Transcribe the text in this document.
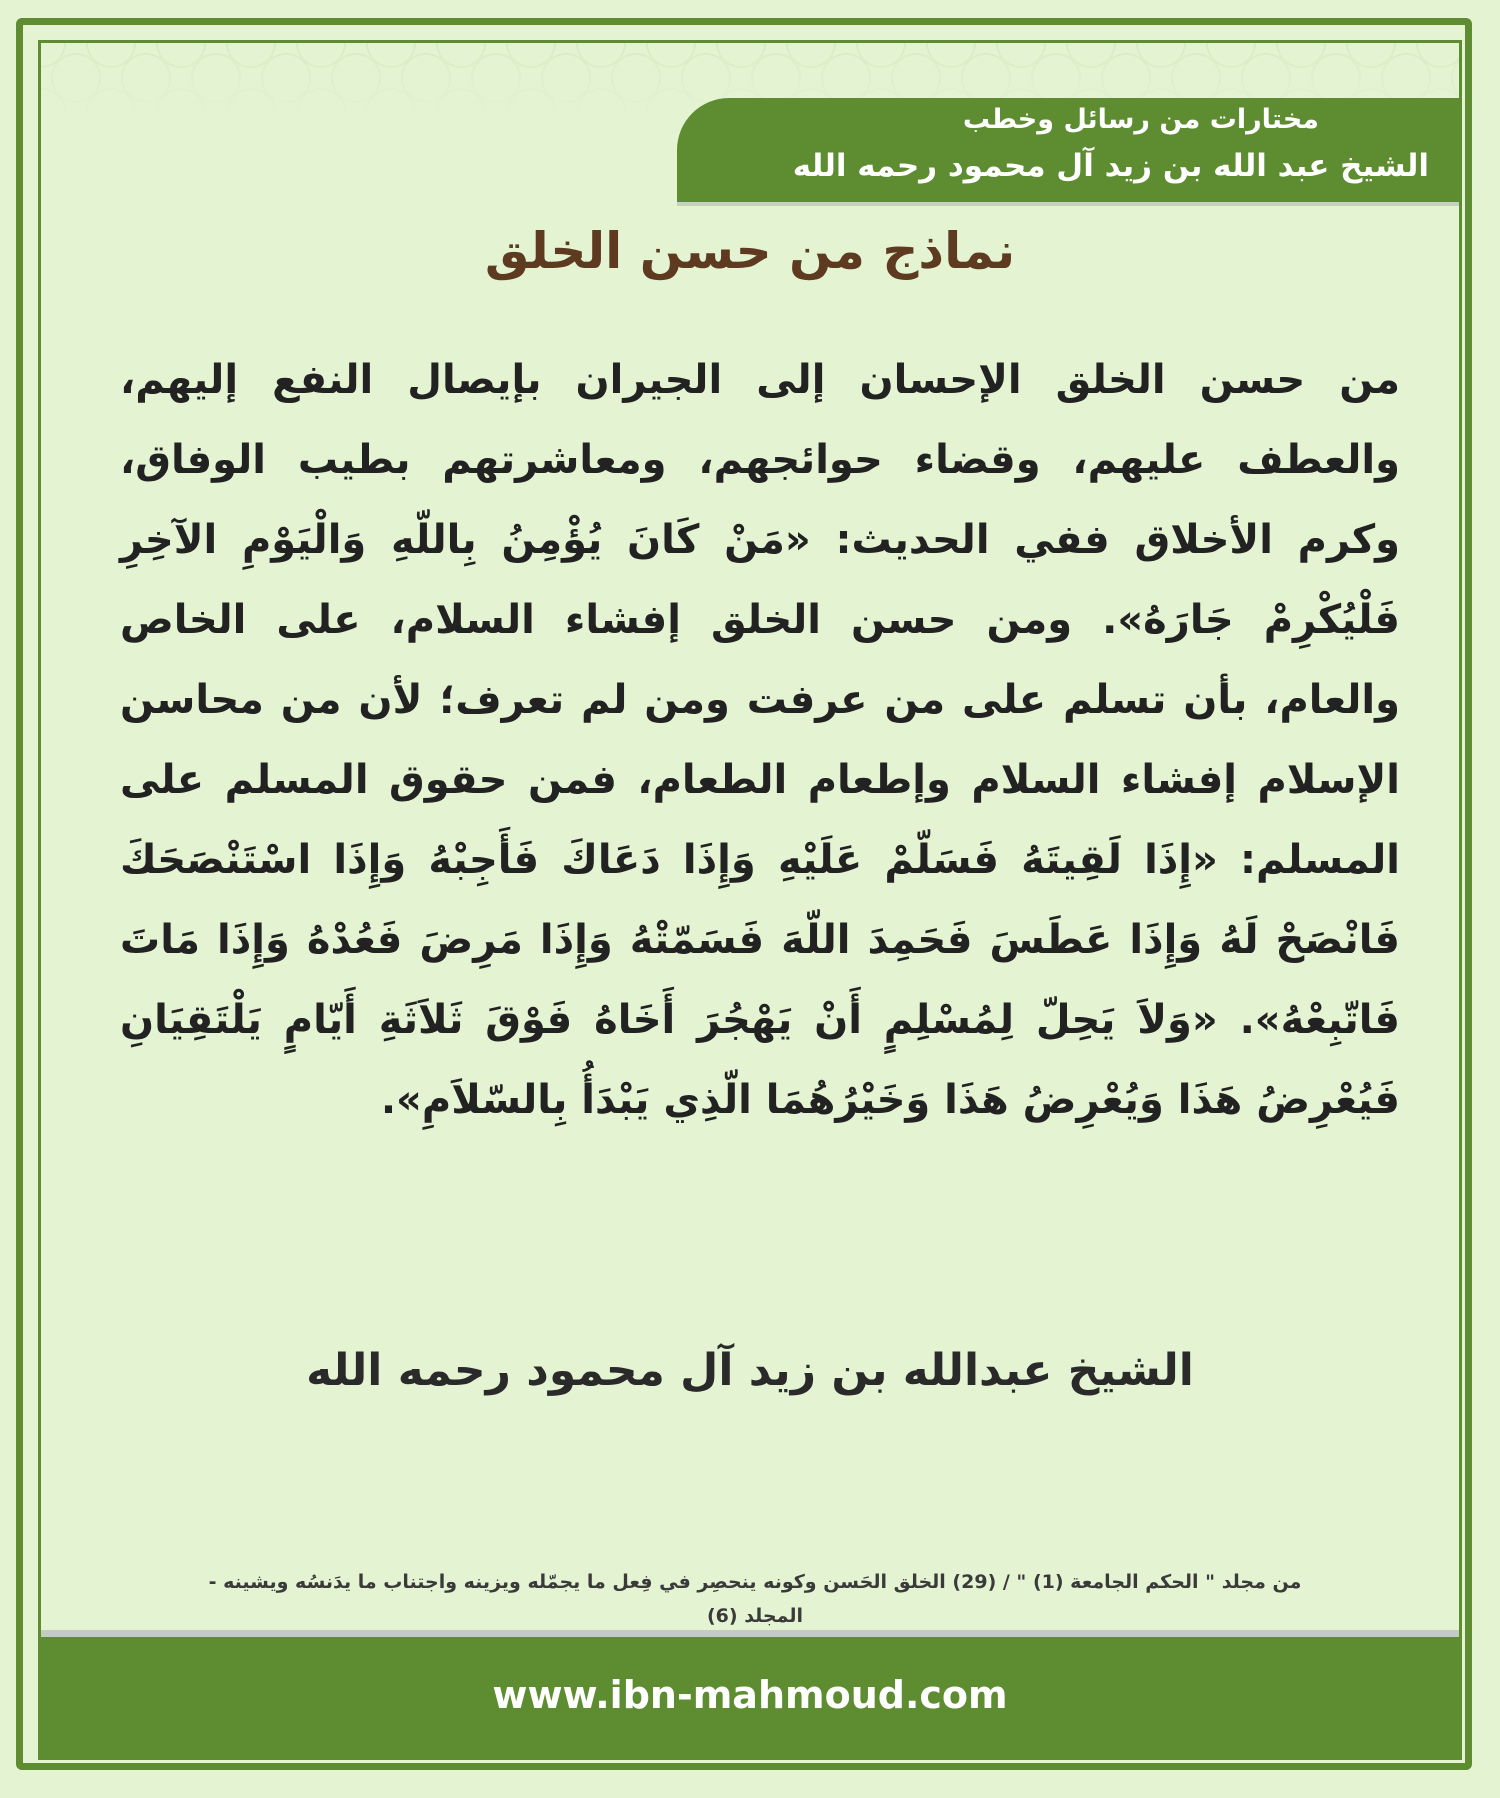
مختارات من رسائل وخطب
الشيخ عبد الله بن زيد آل محمود رحمه الله
نماذج من حسن الخلق
من حسن الخلق الإحسان إلى الجيران بإيصال النفع إليهم، والعطف عليهم، وقضاء حوائجهم، ومعاشرتهم بطيب الوفاق، وكرم الأخلاق ففي الحديث: «مَنْ كَانَ يُؤْمِنُ بِاللّهِ وَالْيَوْمِ الآخِرِ فَلْيُكْرِمْ جَارَهُ». ومن حسن الخلق إفشاء السلام، على الخاص والعام، بأن تسلم على من عرفت ومن لم تعرف؛ لأن من محاسن الإسلام إفشاء السلام وإطعام الطعام، فمن حقوق المسلم على المسلم: «إِذَا لَقِيتَهُ فَسَلّمْ عَلَيْهِ وَإِذَا دَعَاكَ فَأَجِبْهُ وَإِذَا اسْتَنْصَحَكَ فَانْصَحْ لَهُ وَإِذَا عَطَسَ فَحَمِدَ اللّهَ فَسَمّتْهُ وَإِذَا مَرِضَ فَعُدْهُ وَإِذَا مَاتَ فَاتّبِعْهُ». «وَلاَ يَحِلّ لِمُسْلِمٍ أَنْ يَهْجُرَ أَخَاهُ فَوْقَ ثَلاَثَةِ أَيّامٍ يَلْتَقِيَانِ فَيُعْرِضُ هَذَا وَيُعْرِضُ هَذَا وَخَيْرُهُمَا الّذِي يَبْدَأُ بِالسّلاَمِ».
الشيخ عبدالله بن زيد آل محمود رحمه الله
من مجلد " الحكم الجامعة (1) " / (29) الخلق الحَسن وكونه ينحصِر في فِعل ما يجمّله ويزينه واجتناب ما يدَنسُه ويشينه -
المجلد (6)
www.ibn-mahmoud.com
